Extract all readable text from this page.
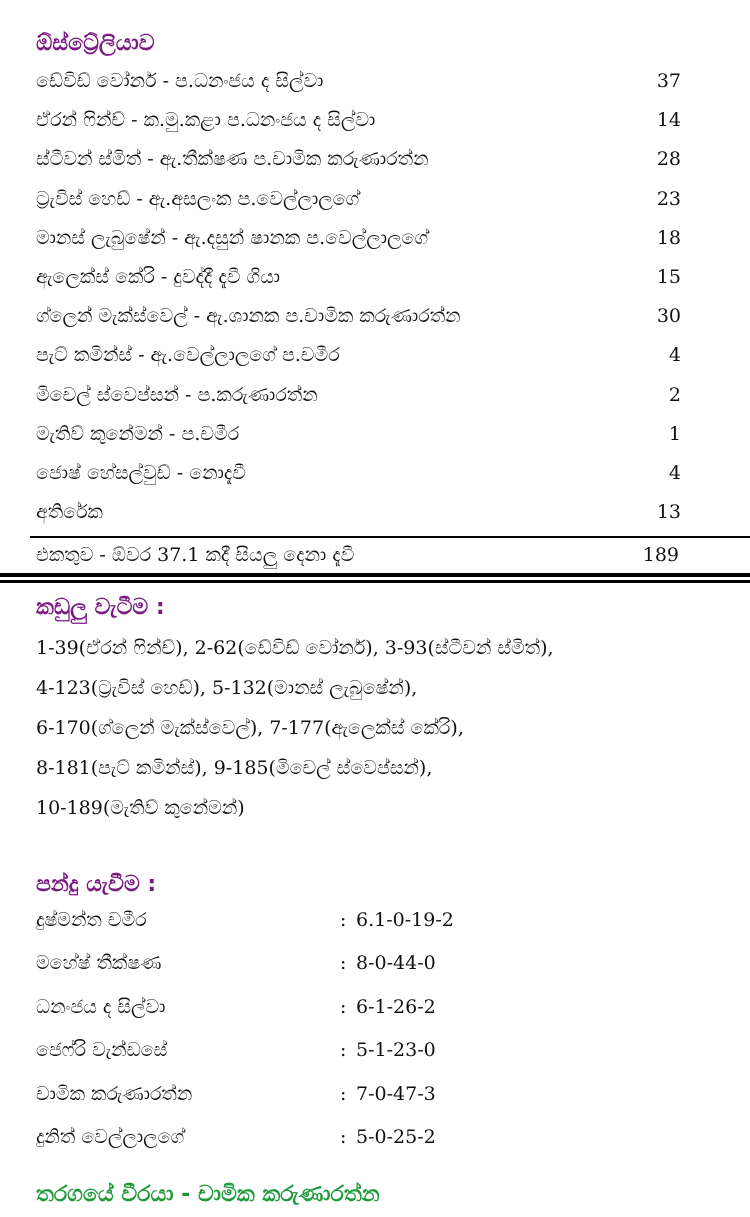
ඕස්ට්‍රේලියාව
ඩේවිඩ් වෝනර් - ප.ධනංජය ද සිල්වා	37
ඒරන් ෆින්ච් - ක.මු.කළා ප.ධනංජය ද සිල්වා	14
ස්ටීවන් ස්මිත් - ඇ.තීක්ෂණ ප.චාමික කරුණාරත්න	28
ට්‍රැවිස් හෙඩ් - ඇ.අසලංක ප.වෙල්ලාලගේ	23
මානස් ලැබුෂේන් - ඇ.දසුන් ෂානක ප.වෙල්ලාලගේ	18
ඇලෙක්ස් කේරි - දුවද්දී දැවී ගියා	15
ග්ලෙන් මැක්ස්වෙල් - ඇ.ශානක ප.චාමික කරුණාරත්න	30
පැට් කමින්ස් - ඇ.වෙල්ලාලගේ ප.චමීර	4
මිචෙල් ස්වෙප්සන් - ප.කරුණාරත්න	2
මැතිව් කුනේමන් - ප.චමීර	1
ජොෂ් හේසල්වුඩ් - නොදැවී	4
අතිරේක	13
එකතුව - ඕවර 37.1 කදී සියලු දෙනා දැවී	189
කඩුලු වැටීම :
1-39(ඒරන් ෆින්ච්), 2-62(ඩේවිඩ් වෝනර්), 3-93(ස්ටීවන් ස්මිත්),
4-123(ට්‍රැවිස් හෙඩ්), 5-132(මානස් ලැබුෂේන්),
6-170(ග්ලෙන් මැක්ස්වෙල්), 7-177(ඇලෙක්ස් කේරි),
8-181(පැට් කමින්ස්), 9-185(මිචෙල් ස්වෙප්සන්),
10-189(මැතිව් කුනේමන්)
පන්දු යැවීම :
දුෂ්මන්ත චමීර	: 6.1-0-19-2
මහේෂ් තීක්ෂණ	: 8-0-44-0
ධනංජය ද සිල්වා	: 6-1-26-2
ජෙෆ්රි වැන්ඩසේ	: 5-1-23-0
චාමික කරුණාරත්න	: 7-0-47-3
දුනිත් වෙල්ලාලගේ	: 5-0-25-2
තරගයේ වීරයා - චාමික කරුණාරත්න
